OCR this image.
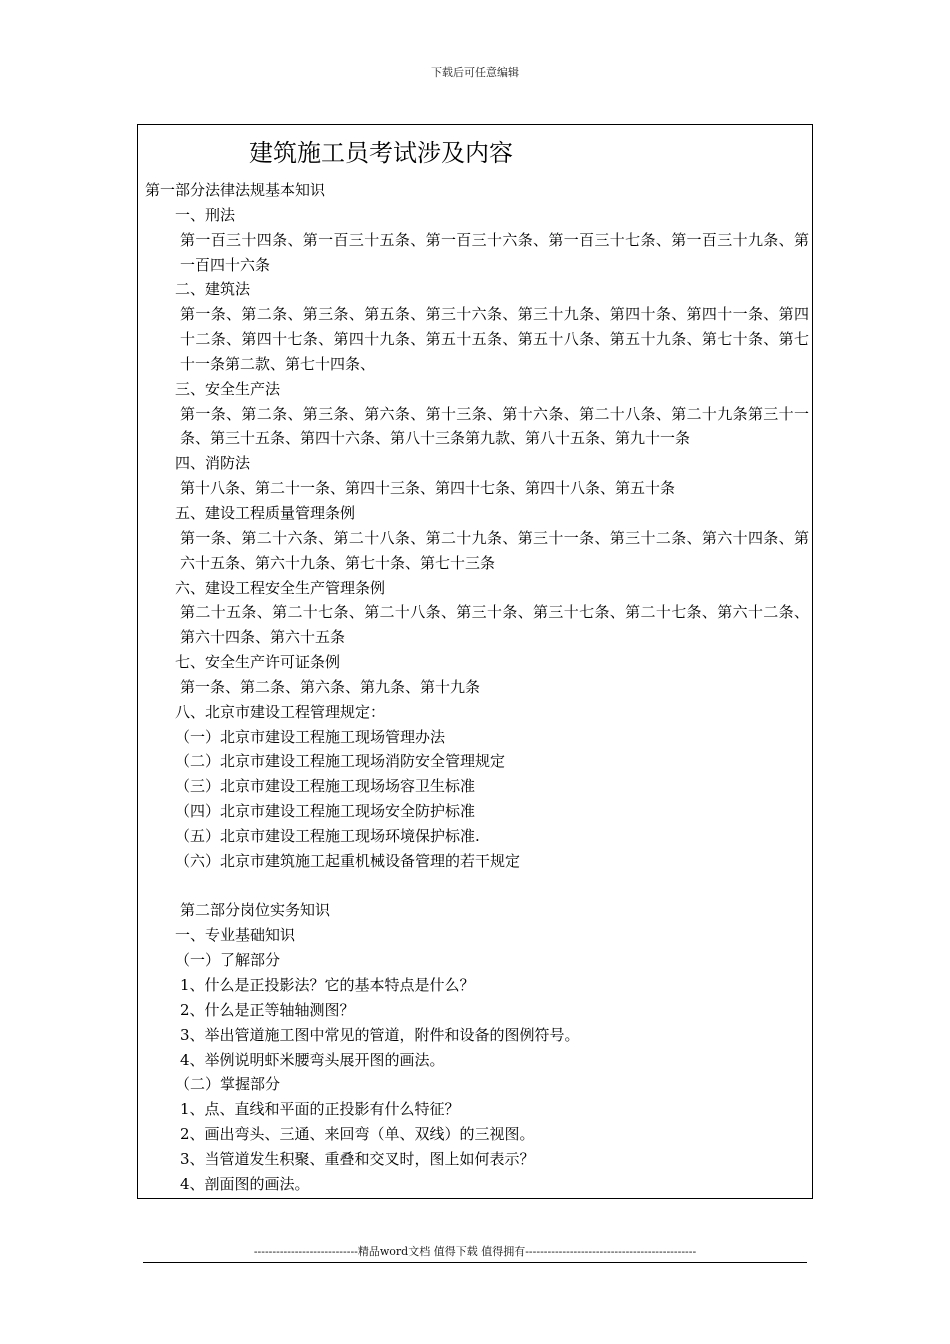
下载后可任意编辑
建筑施工员考试涉及内容
第一部分法律法规基本知识
一、刑法
第一百三十四条、第一百三十五条、第一百三十六条、第一百三十七条、第一百三十九条、第一百四十六条
二、建筑法
第一条、第二条、第三条、第五条、第三十六条、第三十九条、第四十条、第四十一条、第四十二条、第四十七条、第四十九条、第五十五条、第五十八条、第五十九条、第七十条、第七十一条第二款、第七十四条、
三、安全生产法
第一条、第二条、第三条、第六条、第十三条、第十六条、第二十八条、第二十九条第三十一条、第三十五条、第四十六条、第八十三条第九款、第八十五条、第九十一条
四、消防法
第十八条、第二十一条、第四十三条、第四十七条、第四十八条、第五十条
五、建设工程质量管理条例
第一条、第二十六条、第二十八条、第二十九条、第三十一条、第三十二条、第六十四条、第六十五条、第六十九条、第七十条、第七十三条
六、建设工程安全生产管理条例
第二十五条、第二十七条、第二十八条、第三十条、第三十七条、第二十七条、第六十二条、第六十四条、第六十五条
七、安全生产许可证条例
第一条、第二条、第六条、第九条、第十九条
八、北京市建设工程管理规定：
（一）北京市建设工程施工现场管理办法
（二）北京市建设工程施工现场消防安全管理规定
（三）北京市建设工程施工现场场容卫生标准
（四）北京市建设工程施工现场安全防护标准
（五）北京市建设工程施工现场环境保护标准.
（六）北京市建筑施工起重机械设备管理的若干规定
第二部分岗位实务知识
一、专业基础知识
（一）了解部分
1、什么是正投影法？它的基本特点是什么？
2、什么是正等轴轴测图？
3、举出管道施工图中常见的管道，附件和设备的图例符号。
4、举例说明虾米腰弯头展开图的画法。
（二）掌握部分
1、点、直线和平面的正投影有什么特征？
2、画出弯头、三通、来回弯（单、双线）的三视图。
3、当管道发生积聚、重叠和交叉时，图上如何表示？
4、剖面图的画法。
----------------------------精品word文档 值得下载 值得拥有----------------------------------------------
